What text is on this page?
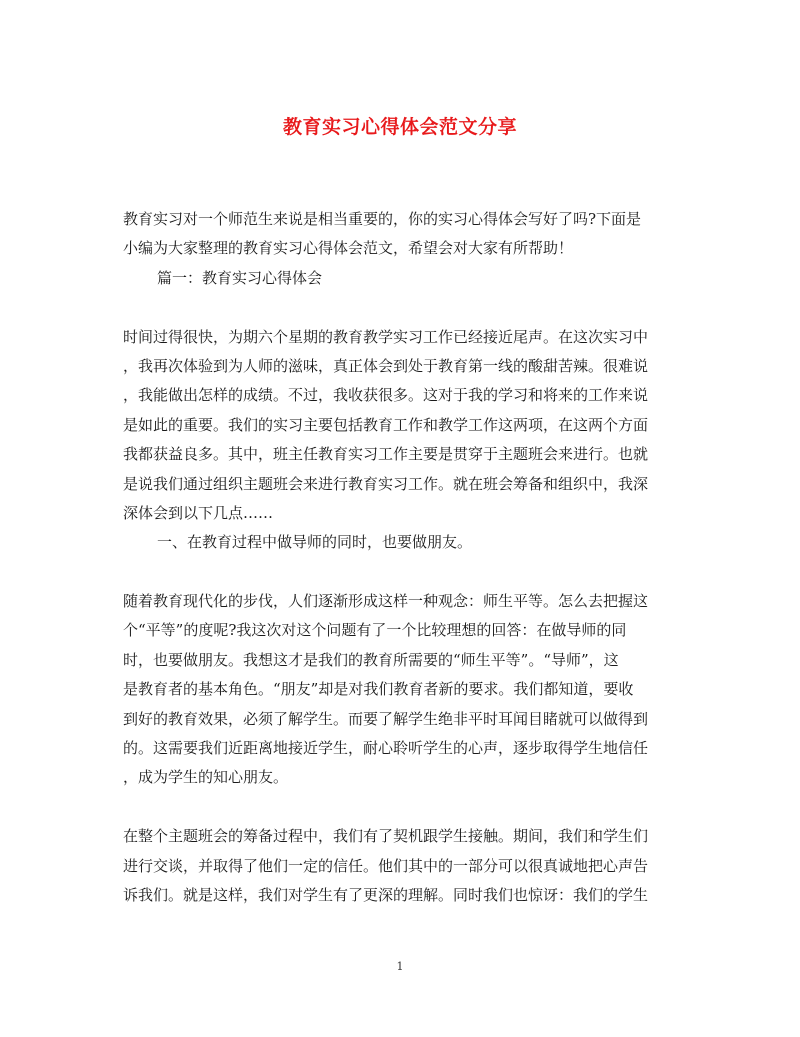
教育实习心得体会范文分享
教育实习对一个师范生来说是相当重要的，你的实习心得体会写好了吗?下面是
小编为大家整理的教育实习心得体会范文，希望会对大家有所帮助！
篇一：教育实习心得体会
时间过得很快，为期六个星期的教育教学实习工作已经接近尾声。在这次实习中
，我再次体验到为人师的滋味，真正体会到处于教育第一线的酸甜苦辣。很难说
，我能做出怎样的成绩。不过，我收获很多。这对于我的学习和将来的工作来说
是如此的重要。我们的实习主要包括教育工作和教学工作这两项，在这两个方面
我都获益良多。其中，班主任教育实习工作主要是贯穿于主题班会来进行。也就
是说我们通过组织主题班会来进行教育实习工作。就在班会筹备和组织中，我深
深体会到以下几点……
一、在教育过程中做导师的同时，也要做朋友。
随着教育现代化的步伐，人们逐渐形成这样一种观念：师生平等。怎么去把握这
个“平等”的度呢?我这次对这个问题有了一个比较理想的回答：在做导师的同
时，也要做朋友。我想这才是我们的教育所需要的“师生平等”。“导师”，这
是教育者的基本角色。“朋友”却是对我们教育者新的要求。我们都知道，要收
到好的教育效果，必须了解学生。而要了解学生绝非平时耳闻目睹就可以做得到
的。这需要我们近距离地接近学生，耐心聆听学生的心声，逐步取得学生地信任
，成为学生的知心朋友。
在整个主题班会的筹备过程中，我们有了契机跟学生接触。期间，我们和学生们
进行交谈，并取得了他们一定的信任。他们其中的一部分可以很真诚地把心声告
诉我们。就是这样，我们对学生有了更深的理解。同时我们也惊讶：我们的学生
1
